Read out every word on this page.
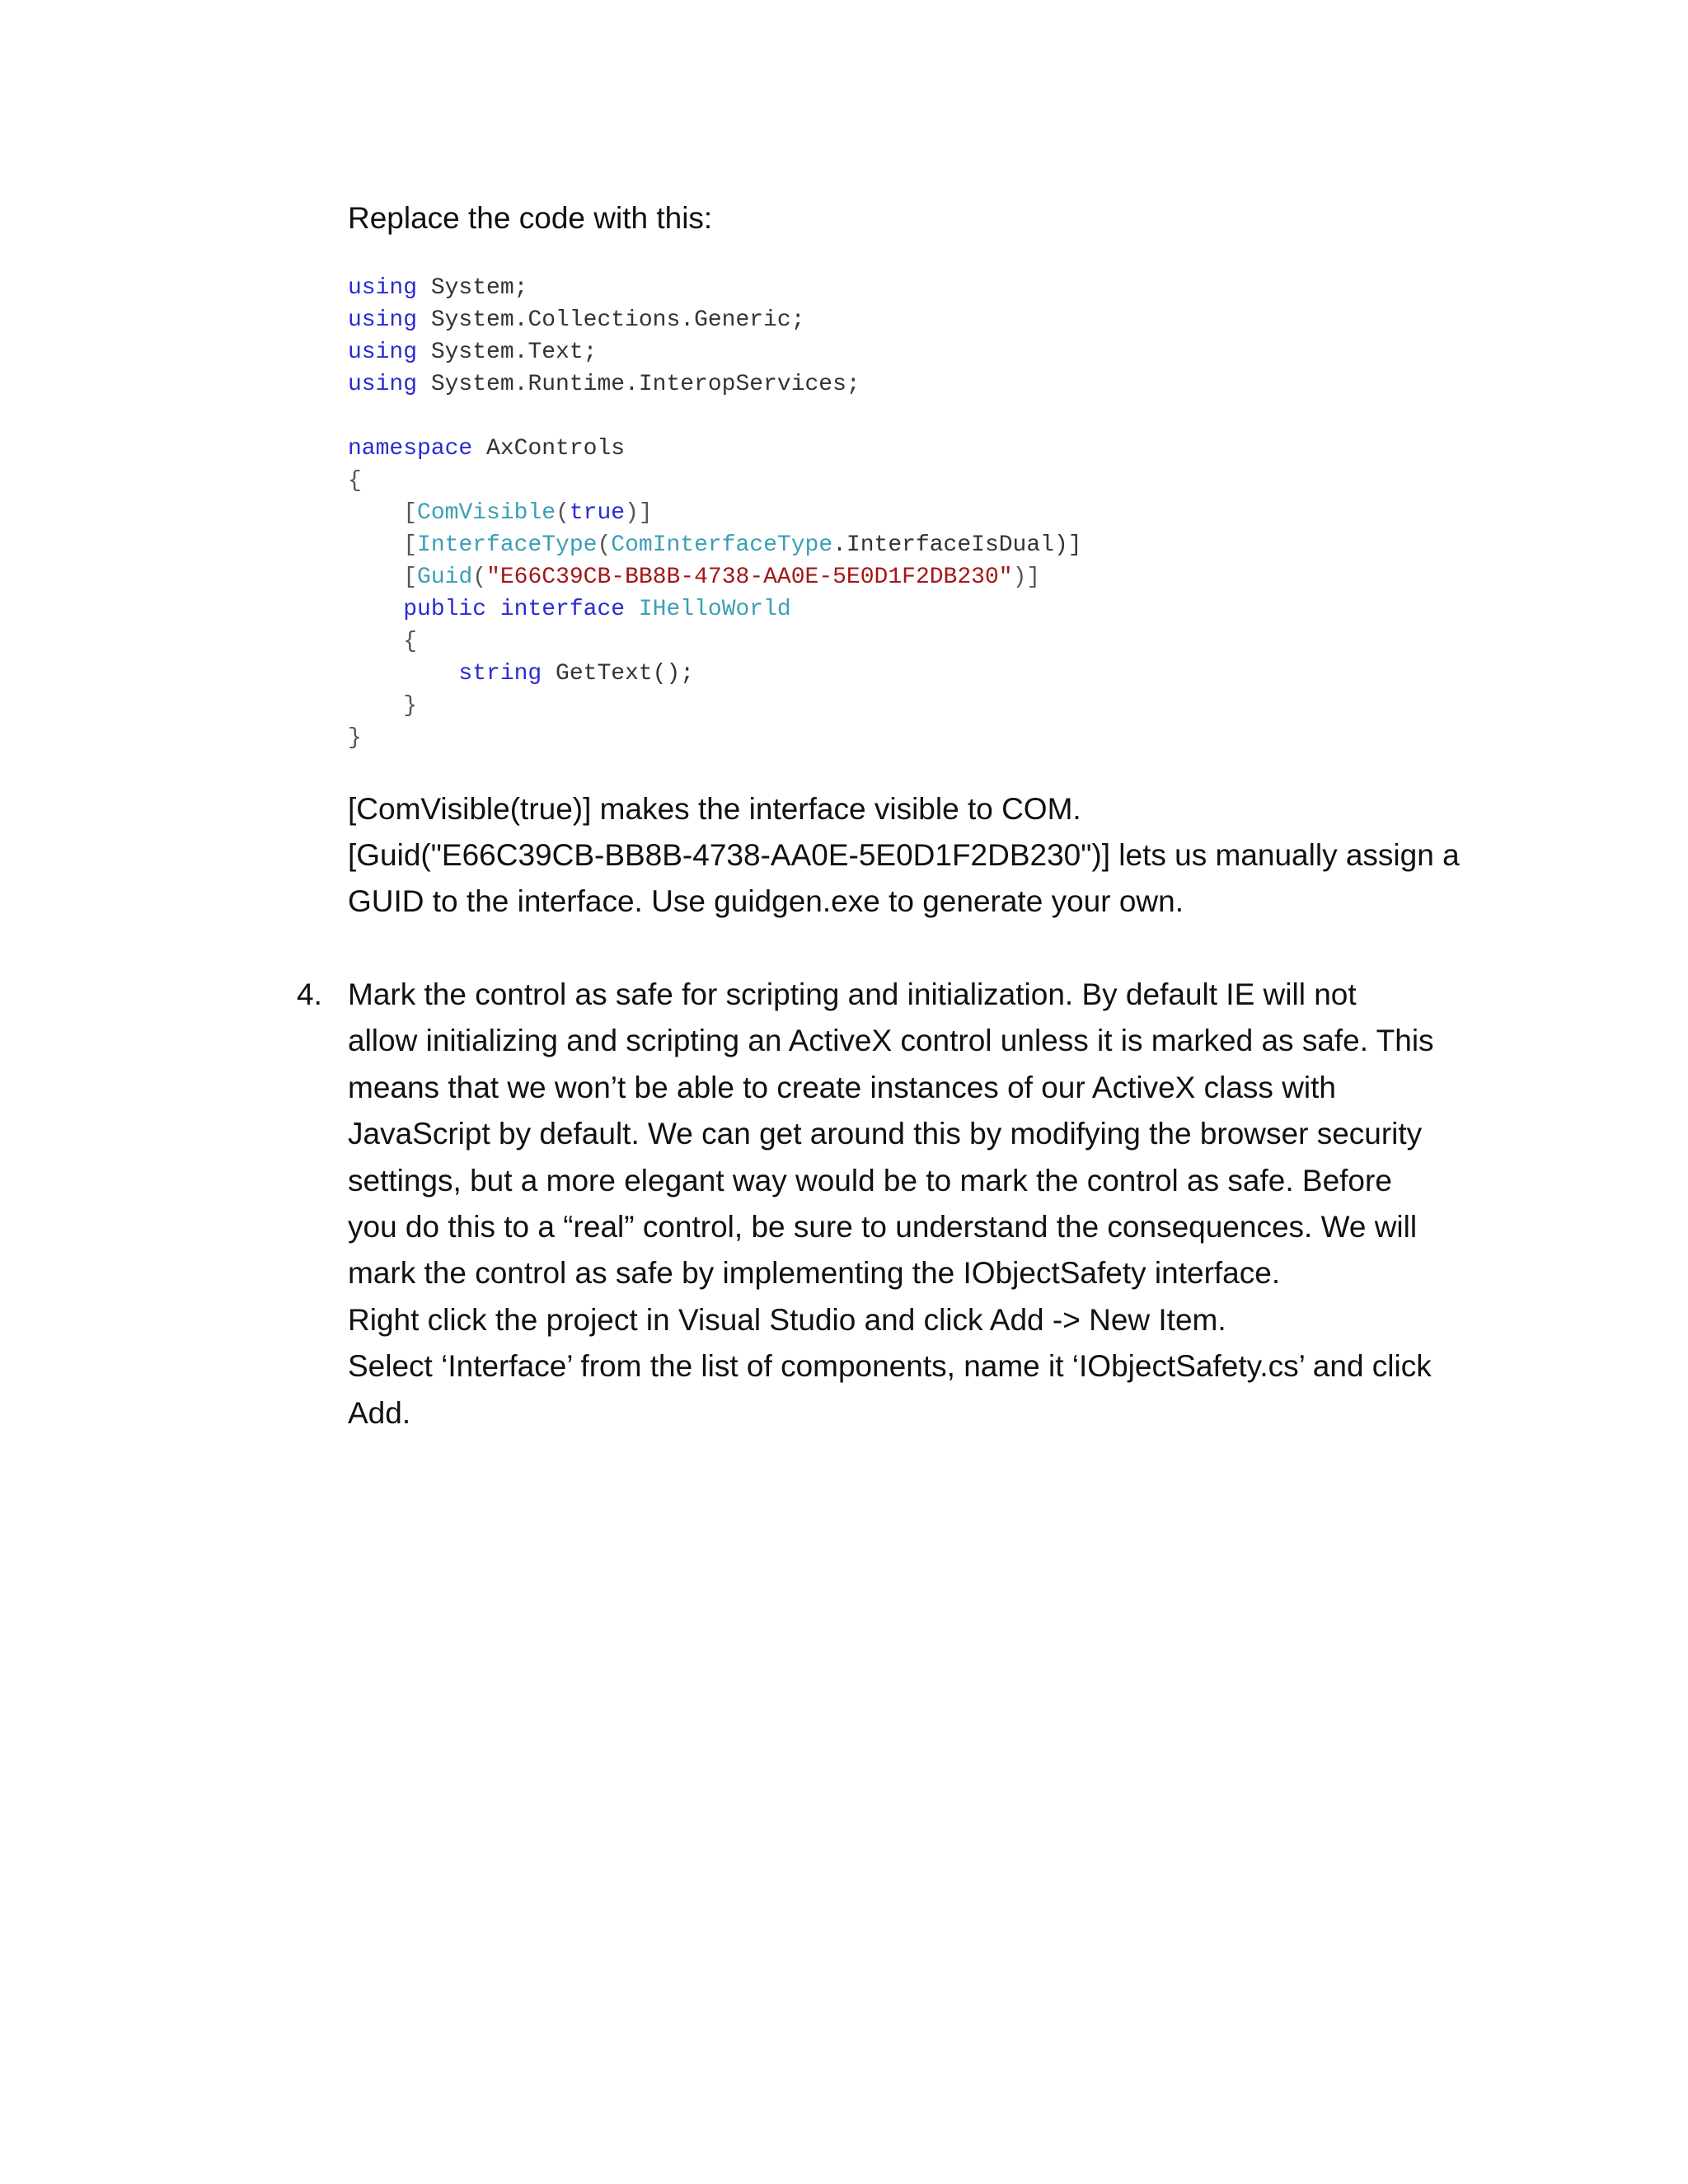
Replace the code with this:
using System;
using System.Collections.Generic;
using System.Text;
using System.Runtime.InteropServices;
namespace AxControls
{
[ComVisible(true)]
[InterfaceType(ComInterfaceType.InterfaceIsDual)]
[Guid("E66C39CB-BB8B-4738-AA0E-5E0D1F2DB230")]
public interface IHelloWorld
{
string GetText();
}
}
[ComVisible(true)] makes the interface visible to COM.
[Guid("E66C39CB-BB8B-4738-AA0E-5E0D1F2DB230")] lets us manually assign a
GUID to the interface. Use guidgen.exe to generate your own.
4. Mark the control as safe for scripting and initialization. By default IE will not
allow initializing and scripting an ActiveX control unless it is marked as safe. This
means that we won’t be able to create instances of our ActiveX class with
JavaScript by default. We can get around this by modifying the browser security
settings, but a more elegant way would be to mark the control as safe. Before
you do this to a “real” control, be sure to understand the consequences. We will
mark the control as safe by implementing the IObjectSafety interface.
Right click the project in Visual Studio and click Add -> New Item.
Select ‘Interface’ from the list of components, name it ‘IObjectSafety.cs’ and click
Add.
